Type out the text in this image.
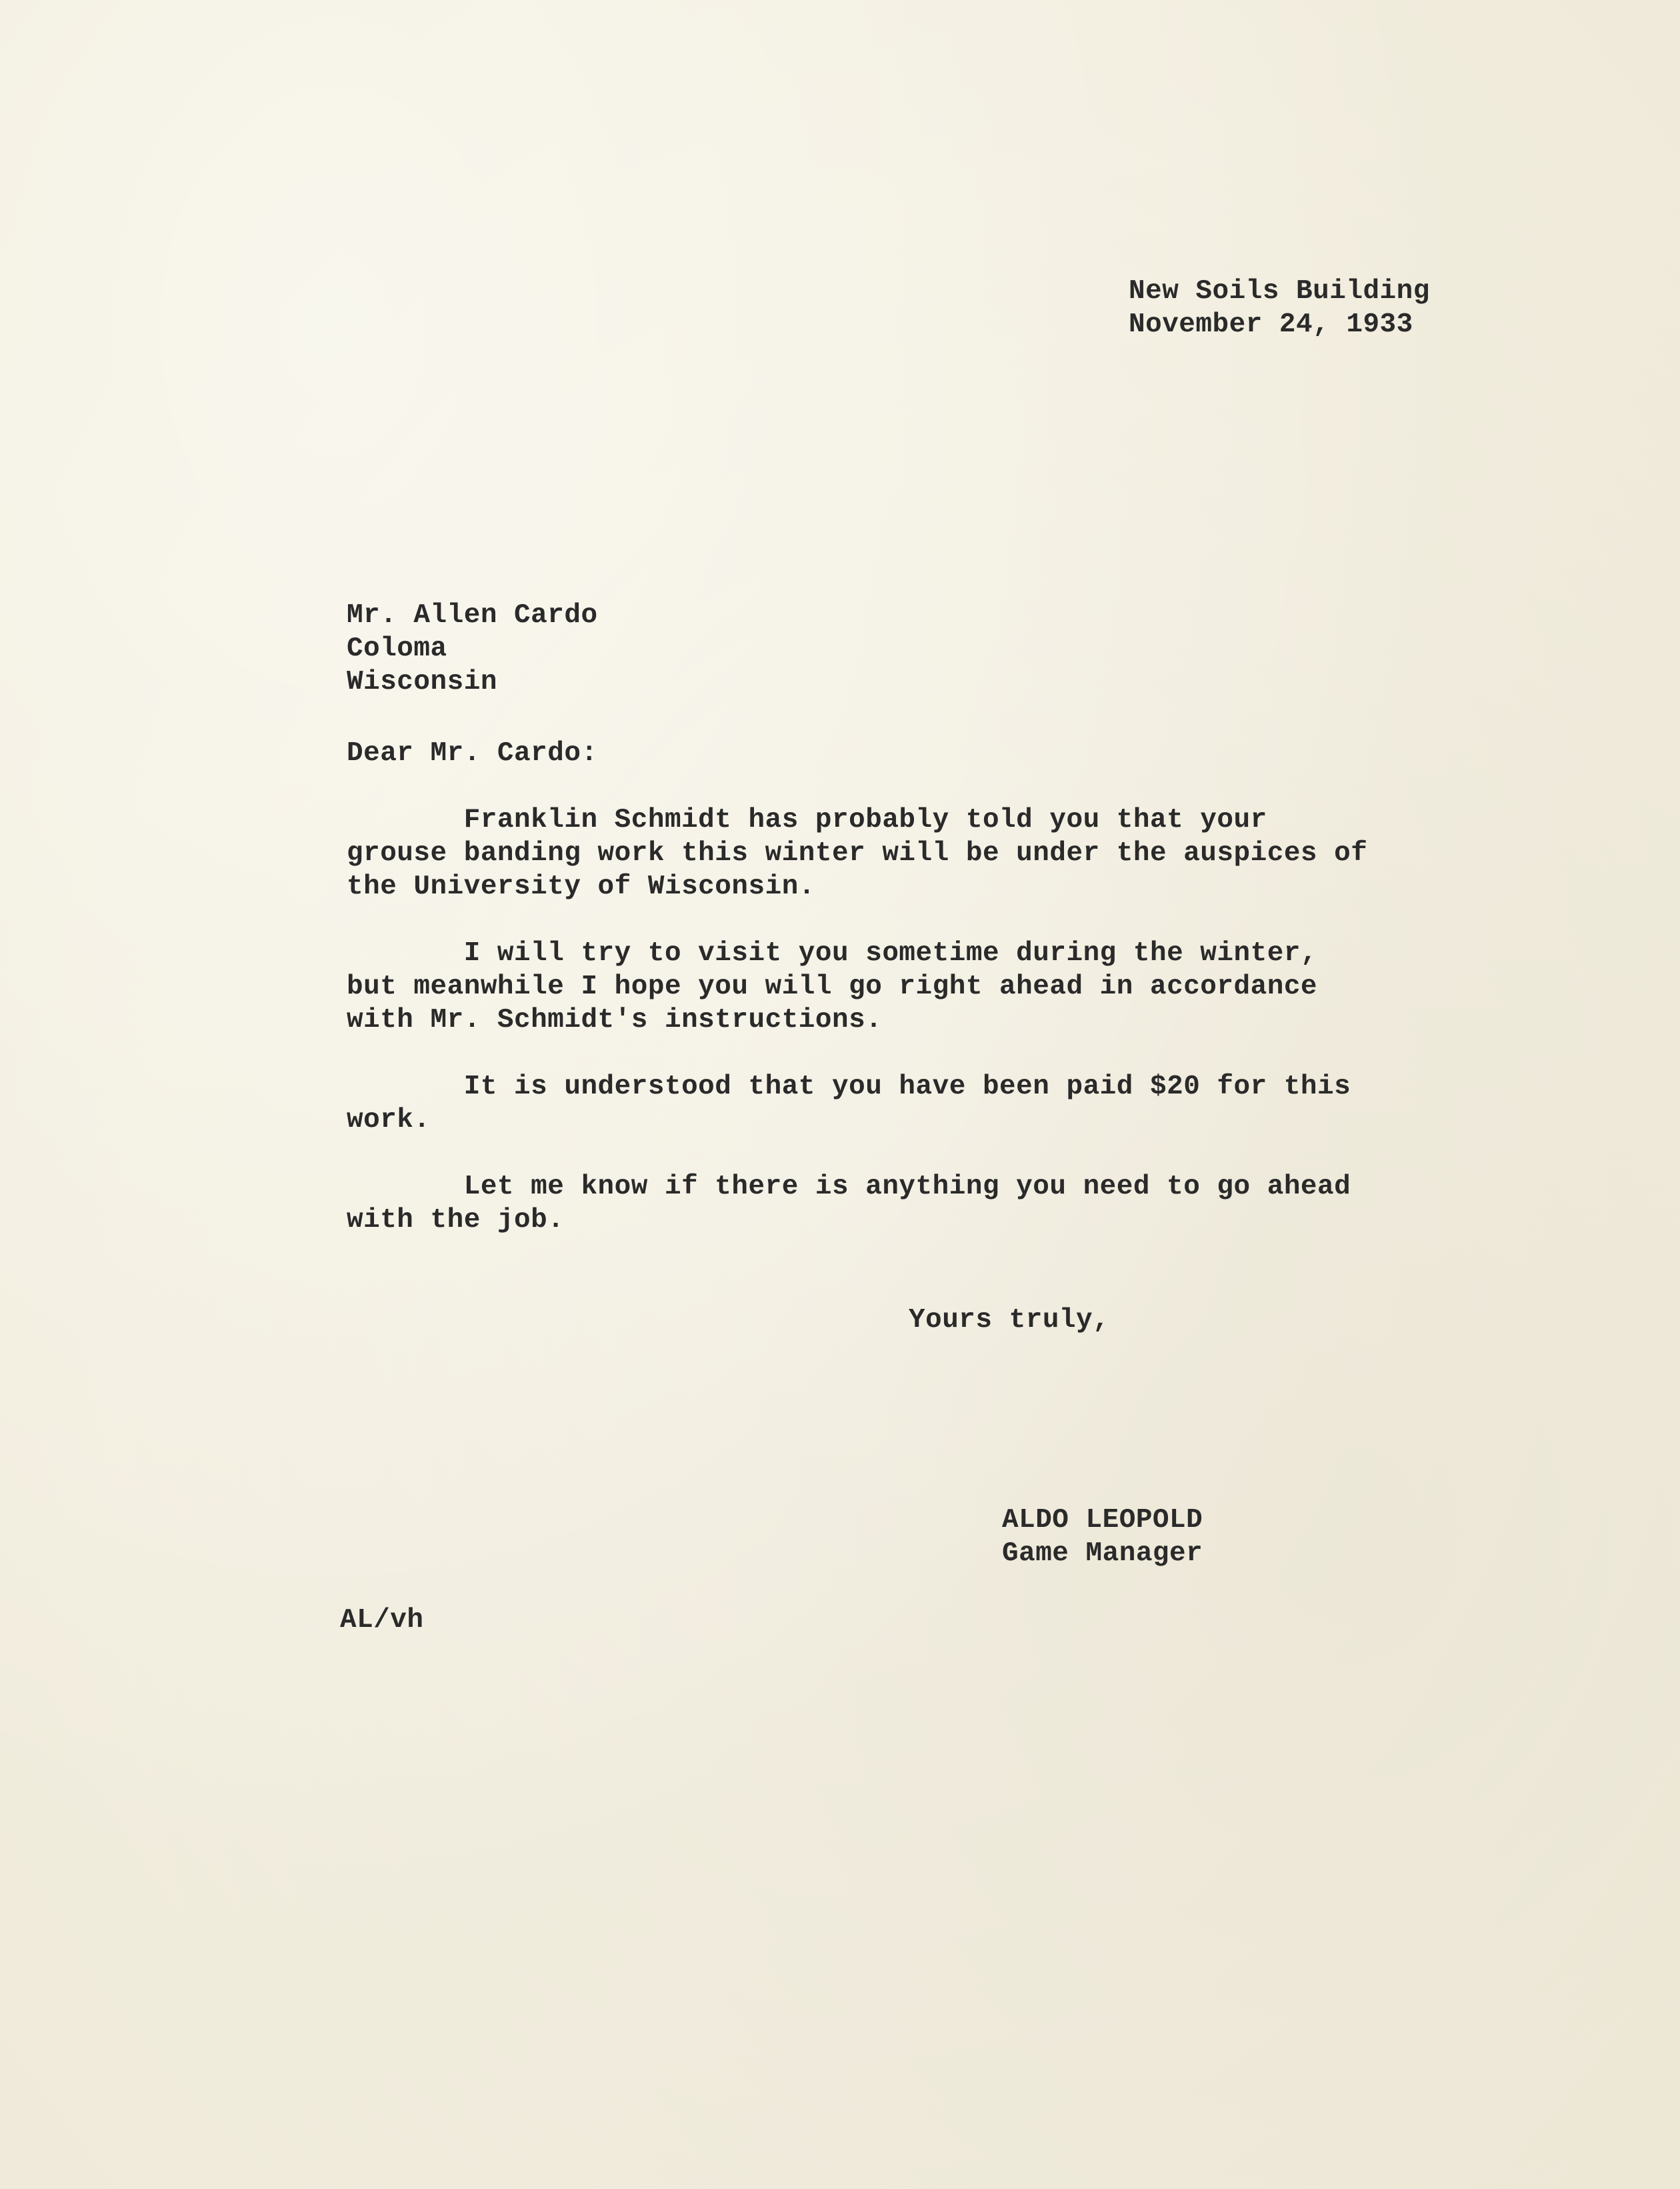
New Soils Building
November 24, 1933
Mr. Allen Cardo
Coloma
Wisconsin
Dear Mr. Cardo:
Franklin Schmidt has probably told you that your
grouse banding work this winter will be under the auspices of
the University of Wisconsin.
I will try to visit you sometime during the winter,
but meanwhile I hope you will go right ahead in accordance
with Mr. Schmidt's instructions.
It is understood that you have been paid $20 for this
work.
Let me know if there is anything you need to go ahead
with the job.
Yours truly,
ALDO LEOPOLD
Game Manager
AL/vh
